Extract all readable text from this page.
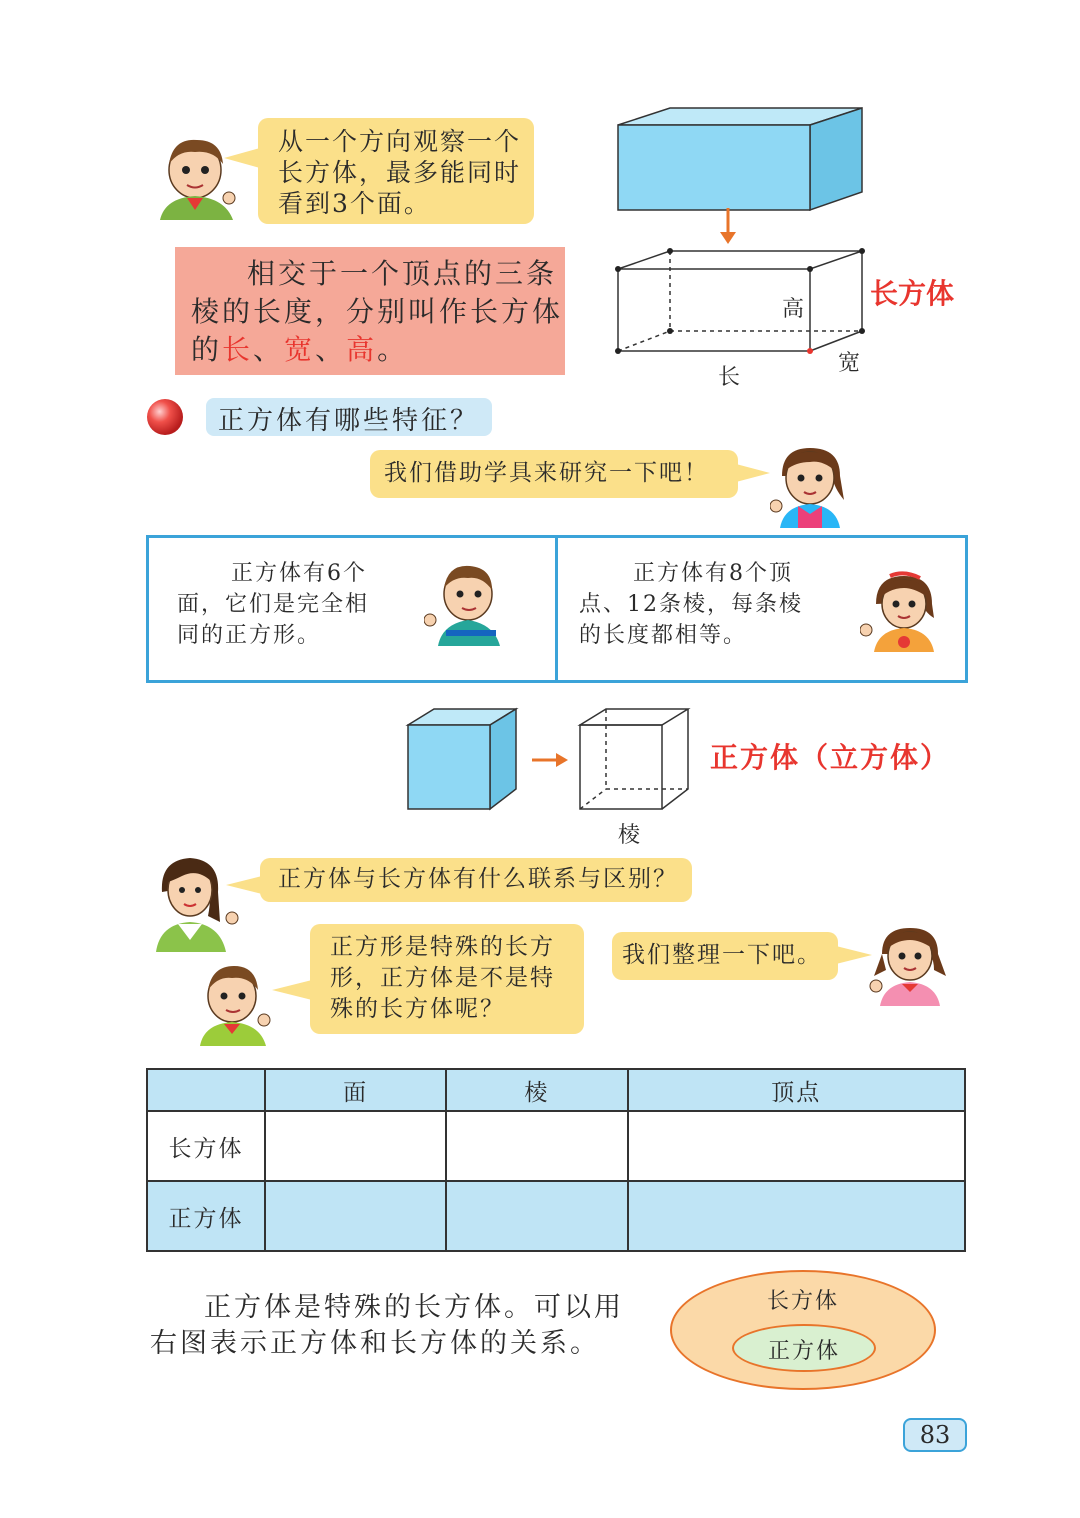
从一个方向观察一个
长方体，最多能同时
看到3个面。
相交于一个顶点的三条
棱的长度，分别叫作长方体
的长、宽、高。
高
长
宽
长方体
正方体有哪些特征？
我们借助学具来研究一下吧！
正方体有6个
面，它们是完全相
同的正方形。
正方体有8个顶
点、12条棱，每条棱
的长度都相等。
棱
正方体（立方体）
正方体与长方体有什么联系与区别？
正方形是特殊的长方
形，正方体是不是特
殊的长方体呢？
我们整理一下吧。
	面	棱	顶点
长方体			
正方体			
正方体是特殊的长方体。可以用
右图表示正方体和长方体的关系。
长方体
正方体
83
